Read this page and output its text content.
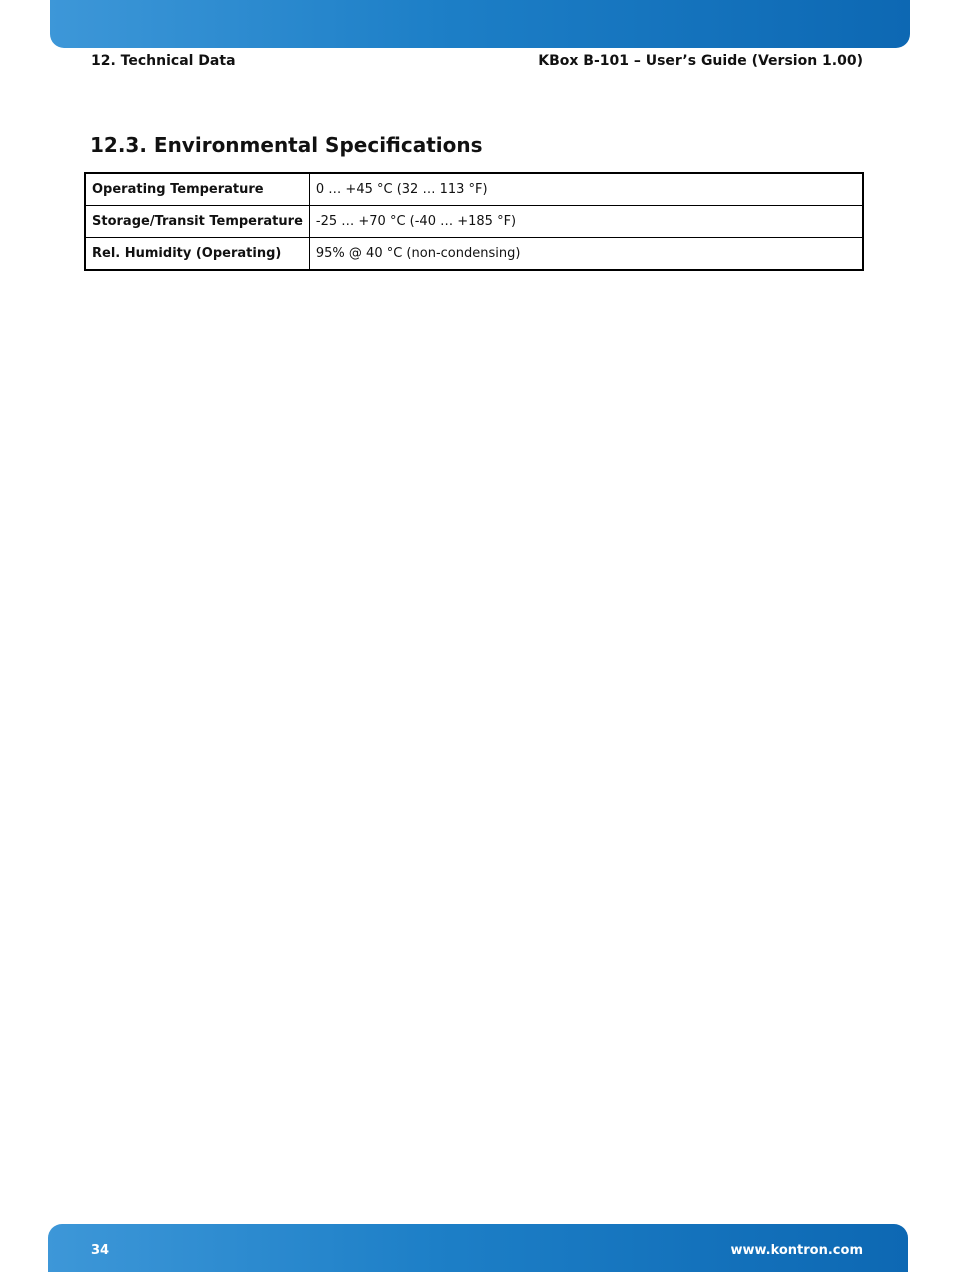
12. Technical Data	KBox B-101 – User’s Guide (Version 1.00)
12.3. Environmental Specifications
Operating Temperature	0 … +45 °C (32 … 113 °F)
Storage/Transit Temperature	-25 … +70 °C (-40 … +185 °F)
Rel. Humidity (Operating)	95% @ 40 °C (non-condensing)
34	www.kontron.com
